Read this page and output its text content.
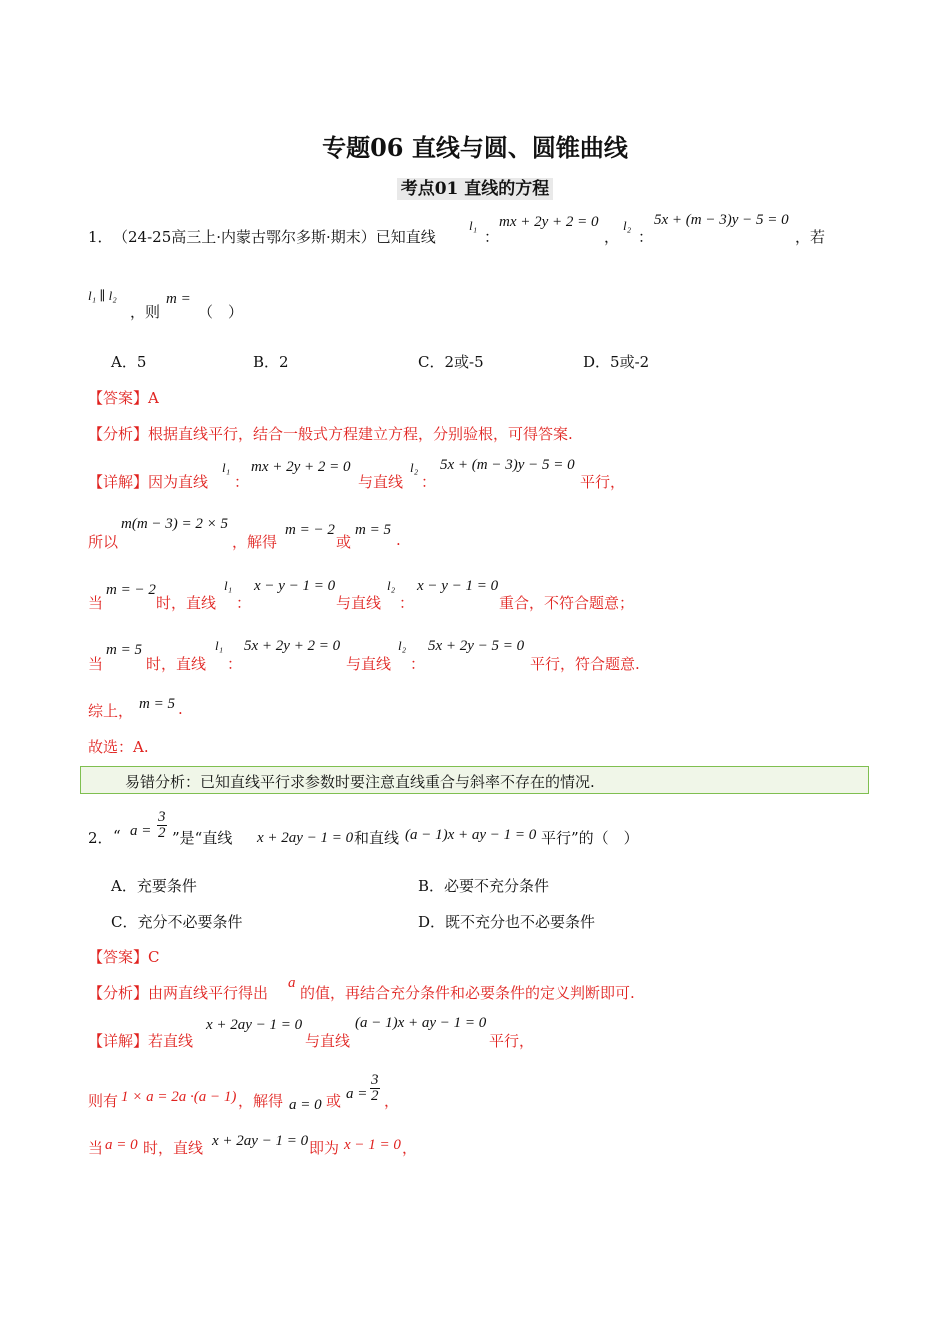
专题06 直线与圆、圆锥曲线
考点01 直线的方程
1． （24-25高三上·内蒙古鄂尔多斯·期末）已知直线
l₁
：
mx + 2y + 2 = 0
，
l₂
：
5x + (m − 3)y − 5 = 0
，若
l₁ ∥ l₂
，则
m =
（　）
A．5	B．2	C．2或-5	D．5或-2
【答案】A
【分析】根据直线平行，结合一般式方程建立方程，分别验根，可得答案.
【详解】因为直线
l₁
：
mx + 2y + 2 = 0
与直线
l₂
：
5x + (m − 3)y − 5 = 0
平行，
所以
m(m − 3) = 2 × 5
，解得
m = − 2
或
m = 5
.
当
m = − 2
时，直线
l₁
：
x − y − 1 = 0
与直线
l₂
：
x − y − 1 = 0
重合，不符合题意；
当
m = 5
时，直线
l₁
：
5x + 2y + 2 = 0
与直线
l₂
：
5x + 2y − 5 = 0
平行，符合题意.
综上， m = 5 .
故选：A.
易错分析：已知直线平行求参数时要注意直线重合与斜率不存在的情况.
2． “ $a = \frac{3}{2}$ ”是“直线 x + 2ay − 1 = 0 和直线 (a − 1)x + ay − 1 = 0 平行”的（　）
A．充要条件	B．必要不充分条件
C．充分不必要条件	D．既不充分也不必要条件
【答案】C
【分析】由两直线平行得出
a
的值，再结合充分条件和必要条件的定义判断即可.
【详解】若直线
x + 2ay − 1 = 0
与直线
(a − 1)x + ay − 1 = 0
平行，
则有 1 × a = 2a ·(a − 1) ，解得 a = 0 或 $a = \frac{3}{2}$ ，
当 a = 0 时，直线 x + 2ay − 1 = 0 即为 x − 1 = 0 ，
